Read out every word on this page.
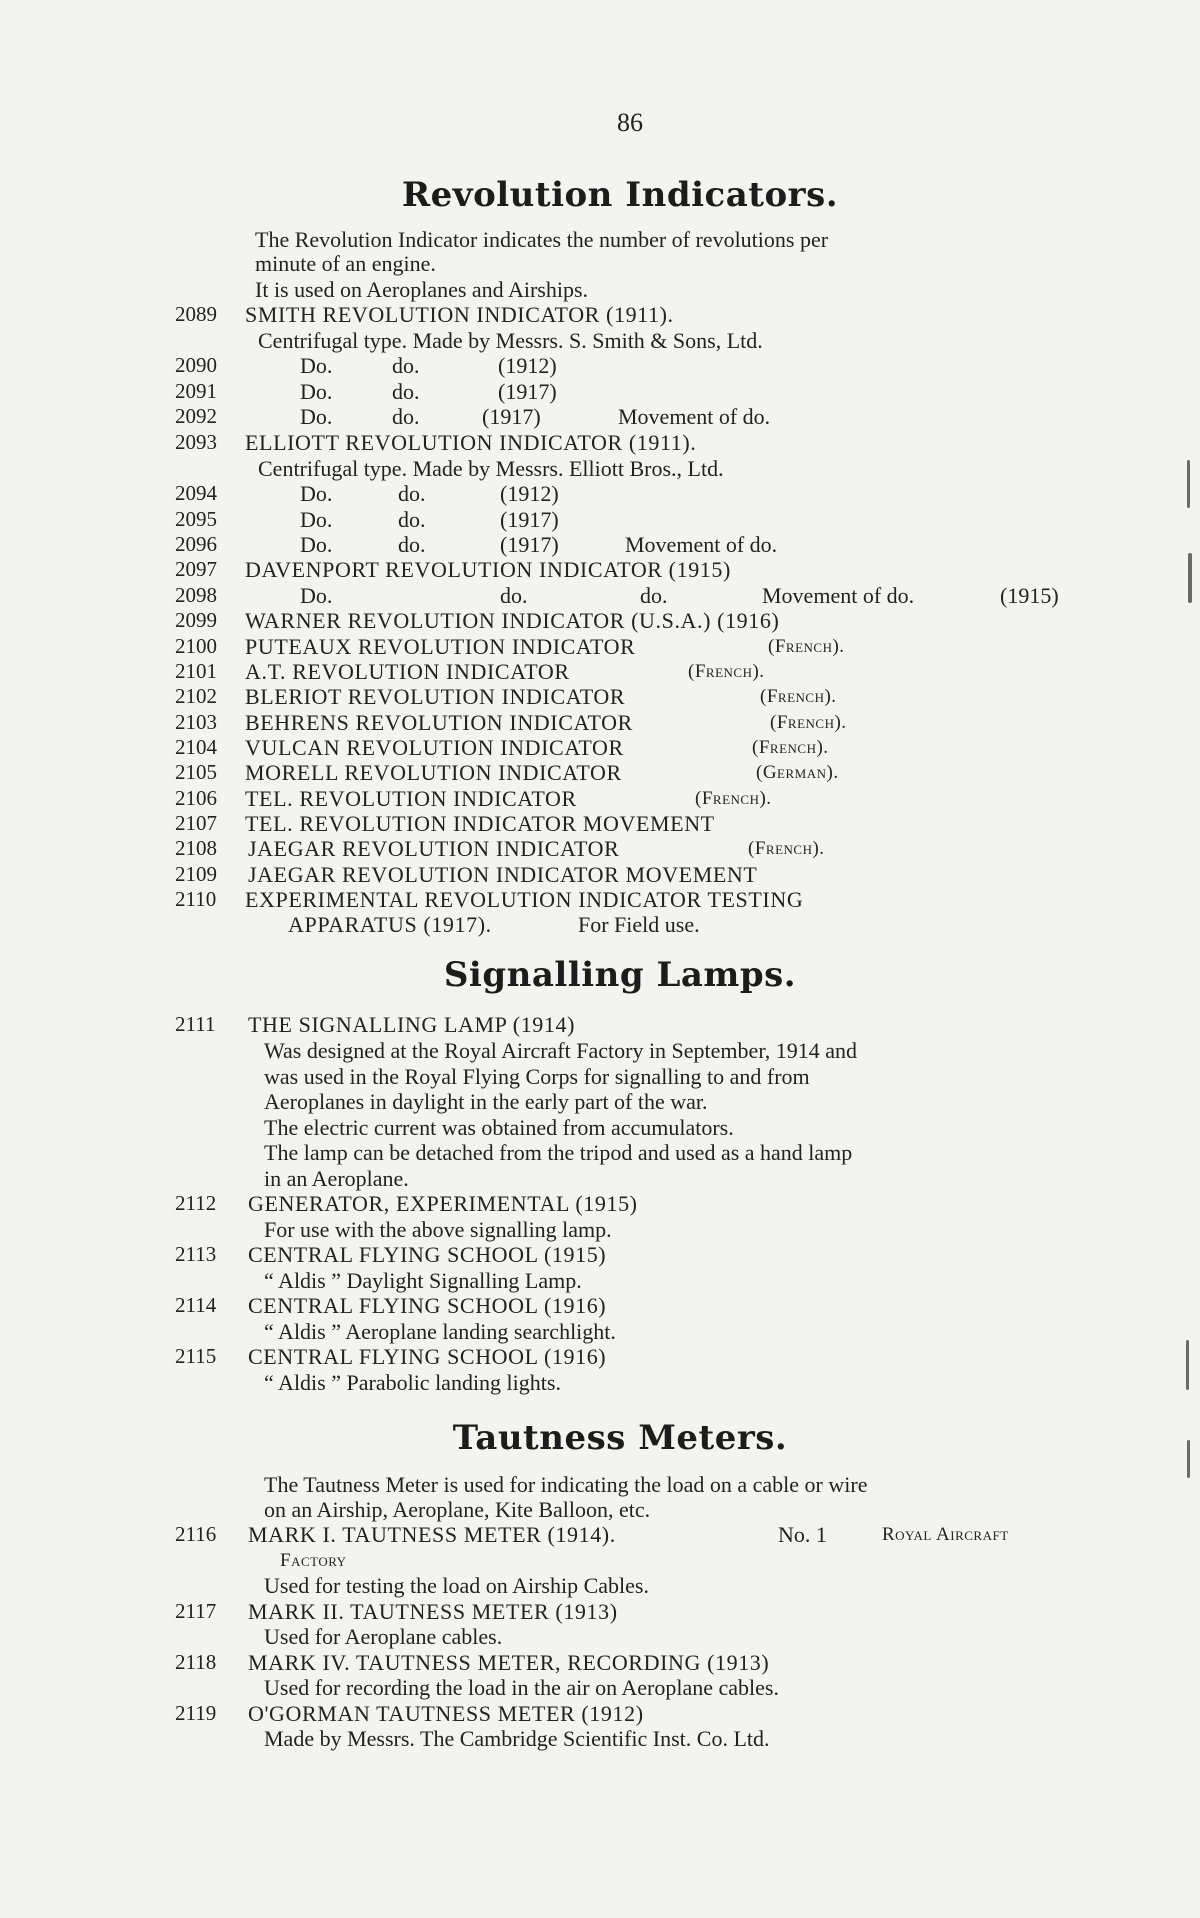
86
Revolution Indicators.
The Revolution Indicator indicates the number of revolutions per
minute of an engine.
It is used on Aeroplanes and Airships.
2089 SMITH REVOLUTION INDICATOR (1911).
Centrifugal type. Made by Messrs. S. Smith & Sons, Ltd.
2090	Do.	do.	(1912)
2091	Do.	do.	(1917)
2092	Do.	do.	(1917)	Movement of do.
2093 ELLIOTT REVOLUTION INDICATOR (1911).
Centrifugal type. Made by Messrs. Elliott Bros., Ltd.
2094	Do.	do.	(1912)
2095	Do.	do.	(1917)
2096	Do.	do.	(1917)	Movement of do.
2097 DAVENPORT REVOLUTION INDICATOR (1915)
2098	Do.	do.	do.	Movement of do.	(1915)
2099 WARNER REVOLUTION INDICATOR (U.S.A.) (1916)
2100 PUTEAUX REVOLUTION INDICATOR	(French).
2101 A.T. REVOLUTION INDICATOR	(French).
2102 BLERIOT REVOLUTION INDICATOR	(French).
2103 BEHRENS REVOLUTION INDICATOR	(French).
2104 VULCAN REVOLUTION INDICATOR	(French).
2105 MORELL REVOLUTION INDICATOR	(German).
2106 TEL. REVOLUTION INDICATOR	(French).
2107 TEL. REVOLUTION INDICATOR MOVEMENT
2108 JAEGAR REVOLUTION INDICATOR	(French).
2109 JAEGAR REVOLUTION INDICATOR MOVEMENT
2110 EXPERIMENTAL REVOLUTION INDICATOR TESTING
APPARATUS (1917).	For Field use.
Signalling Lamps.
2111 THE SIGNALLING LAMP (1914)
Was designed at the Royal Aircraft Factory in September, 1914 and
was used in the Royal Flying Corps for signalling to and from
Aeroplanes in daylight in the early part of the war.
The electric current was obtained from accumulators.
The lamp can be detached from the tripod and used as a hand lamp
in an Aeroplane.
2112 GENERATOR, EXPERIMENTAL (1915)
For use with the above signalling lamp.
2113 CENTRAL FLYING SCHOOL (1915)
“ Aldis ” Daylight Signalling Lamp.
2114 CENTRAL FLYING SCHOOL (1916)
“ Aldis ” Aeroplane landing searchlight.
2115 CENTRAL FLYING SCHOOL (1916)
“ Aldis ” Parabolic landing lights.
Tautness Meters.
The Tautness Meter is used for indicating the load on a cable or wire
on an Airship, Aeroplane, Kite Balloon, etc.
2116 MARK I. TAUTNESS METER (1914).	No. 1	Royal Aircraft
Factory
Used for testing the load on Airship Cables.
2117 MARK II. TAUTNESS METER (1913)
Used for Aeroplane cables.
2118 MARK IV. TAUTNESS METER, RECORDING (1913)
Used for recording the load in the air on Aeroplane cables.
2119 O'GORMAN TAUTNESS METER (1912)
Made by Messrs. The Cambridge Scientific Inst. Co. Ltd.
